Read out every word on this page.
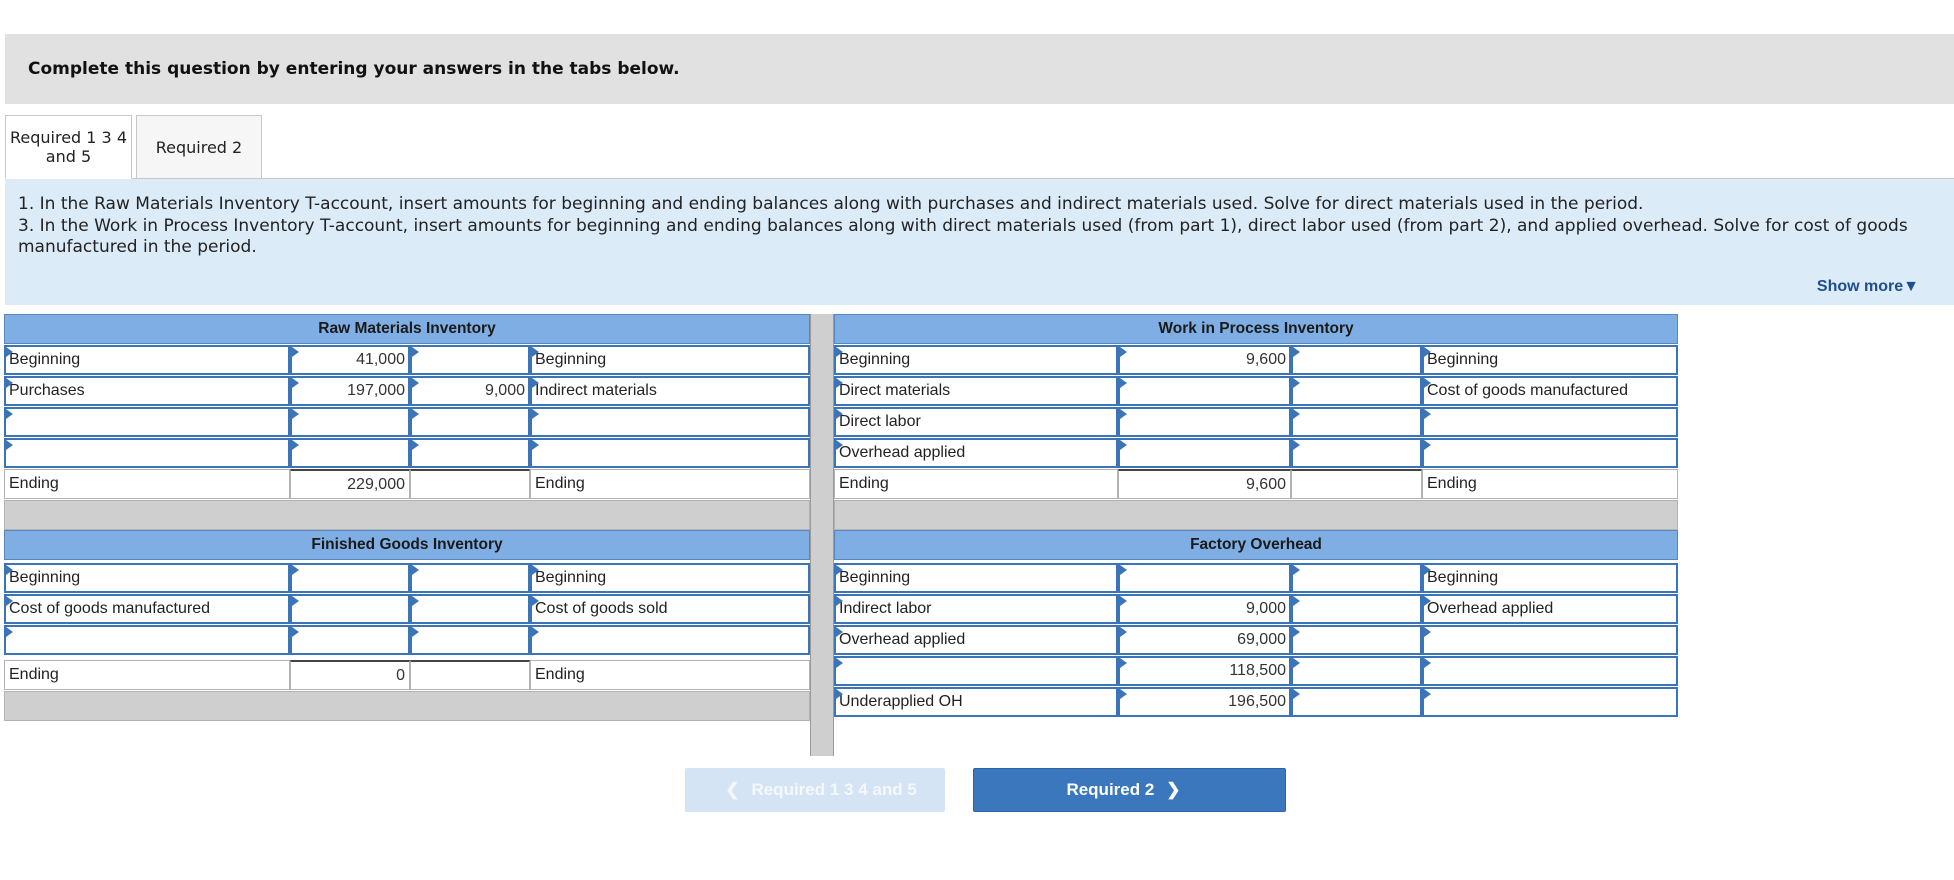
Complete this question by entering your answers in the tabs below.
Required 1 3 4
and 5	Required 2

1. In the Raw Materials Inventory T-account, insert amounts for beginning and ending balances along with purchases and indirect materials used. Solve for direct materials used in the period.

3. In the Work in Process Inventory T-account, insert amounts for beginning and ending balances along with direct materials used (from part 1), direct labor used (from part 2), and applied overhead. Solve for cost of goods manufactured in the period.

Show more▼
Raw Materials Inventory
Beginning	41,000	Beginning
Purchases	197,000	9,000 Indirect materials
Ending	229,000	Ending
Work in Process Inventory
Beginning	9,600	Beginning
Direct materials	Cost of goods manufactured
Direct labor
Overhead applied
Ending	9,600	Ending
Finished Goods Inventory
Beginning	Beginning
Cost of goods manufactured	Cost of goods sold
Ending	0	Ending
Factory Overhead
Beginning	Beginning
Indirect labor	9,000	Overhead applied
Overhead applied	69,000
118,500
Underapplied OH	196,500
❮ Required 1 3 4 and 5	Required 2 ❯
